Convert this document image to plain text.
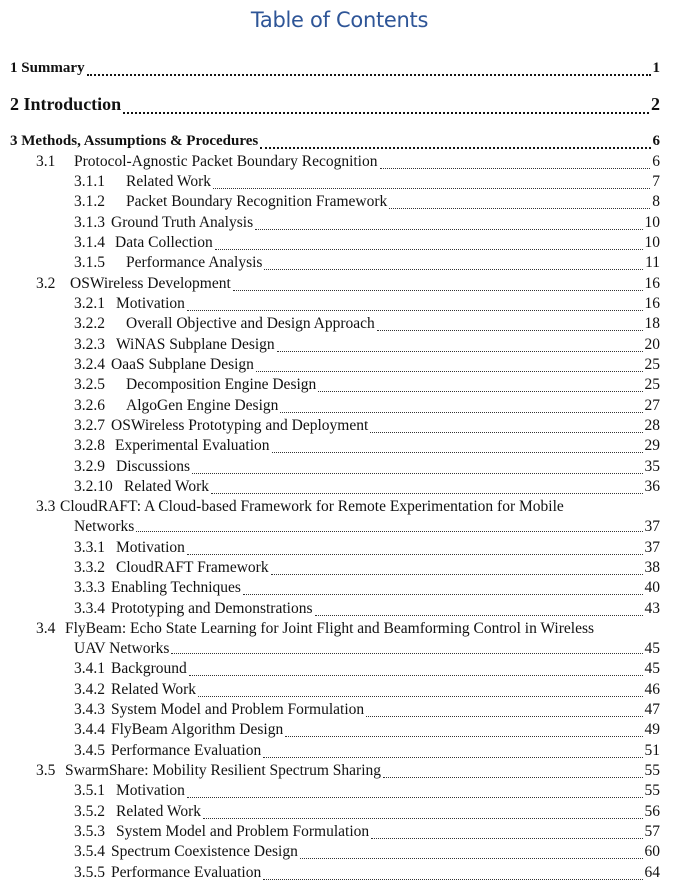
Table of Contents
1 Summary	1
2 Introduction	2
3 Methods, Assumptions & Procedures	6
3.1 Protocol-Agnostic Packet Boundary Recognition	6
3.1.1 Related Work	7
3.1.2 Packet Boundary Recognition Framework	8
3.1.3 Ground Truth Analysis	10
3.1.4 Data Collection	10
3.1.5 Performance Analysis	11
3.2 OSWireless Development	16
3.2.1 Motivation	16
3.2.2 Overall Objective and Design Approach	18
3.2.3 WiNAS Subplane Design	20
3.2.4 OaaS Subplane Design	25
3.2.5 Decomposition Engine Design	25
3.2.6 AlgoGen Engine Design	27
3.2.7 OSWireless Prototyping and Deployment	28
3.2.8 Experimental Evaluation	29
3.2.9 Discussions	35
3.2.10 Related Work	36
3.3 CloudRAFT: A Cloud-based Framework for Remote Experimentation for Mobile
Networks	37
3.3.1 Motivation	37
3.3.2 CloudRAFT Framework	38
3.3.3 Enabling Techniques	40
3.3.4 Prototyping and Demonstrations	43
3.4 FlyBeam: Echo State Learning for Joint Flight and Beamforming Control in Wireless
UAV Networks	45
3.4.1 Background	45
3.4.2 Related Work	46
3.4.3 System Model and Problem Formulation	47
3.4.4 FlyBeam Algorithm Design	49
3.4.5 Performance Evaluation	51
3.5 SwarmShare: Mobility Resilient Spectrum Sharing	55
3.5.1 Motivation	55
3.5.2 Related Work	56
3.5.3 System Model and Problem Formulation	57
3.5.4 Spectrum Coexistence Design	60
3.5.5 Performance Evaluation	64
